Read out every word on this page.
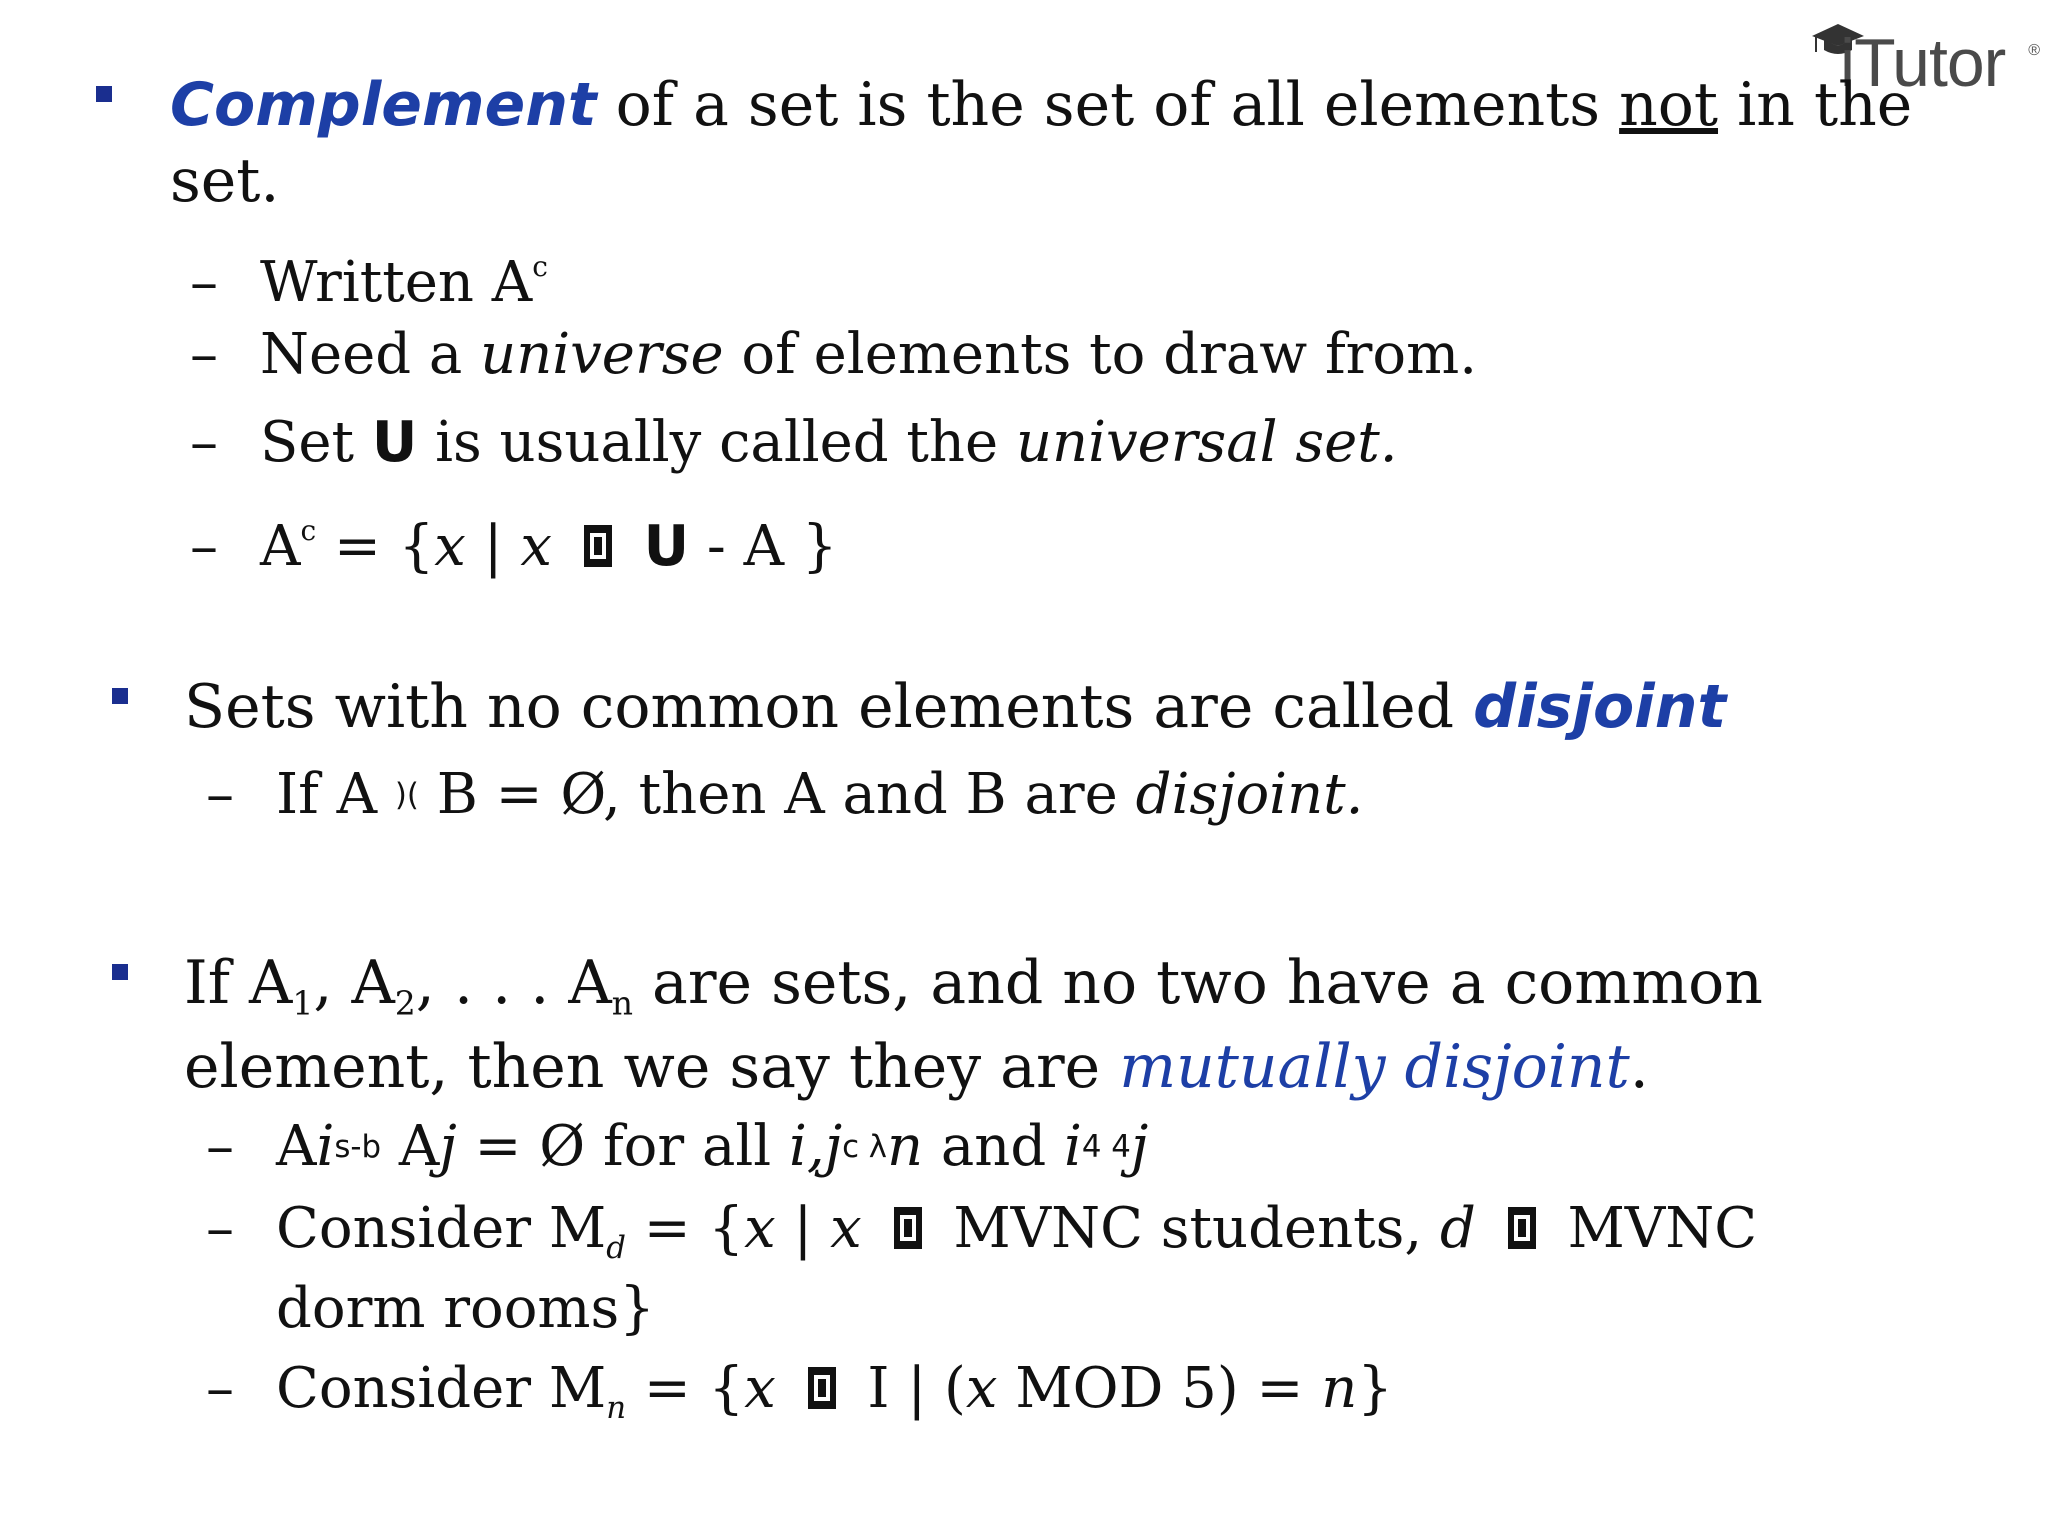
iTutor ®
Complement of a set is the set of all elements not in the
set.
– Written $A^c$
– Need a universe of elements to draw from.
– Set U is usually called the universal set.
– $A^c = \{x$ | x U - A }
Sets with no common elements are called disjoint
– If A )( B = Ø, then A and B are disjoint.
If A1, A2, . . . An are sets, and no two have a common
element, then we say they are mutually disjoint.
– Ais-b Aj = Ø for all i,jc λn and i4 4j
– Consider Md = {x | x  MVNC students, d  MVNC
dorm rooms}
– Consider Mn = {x  I | (x MOD 5) = n}
